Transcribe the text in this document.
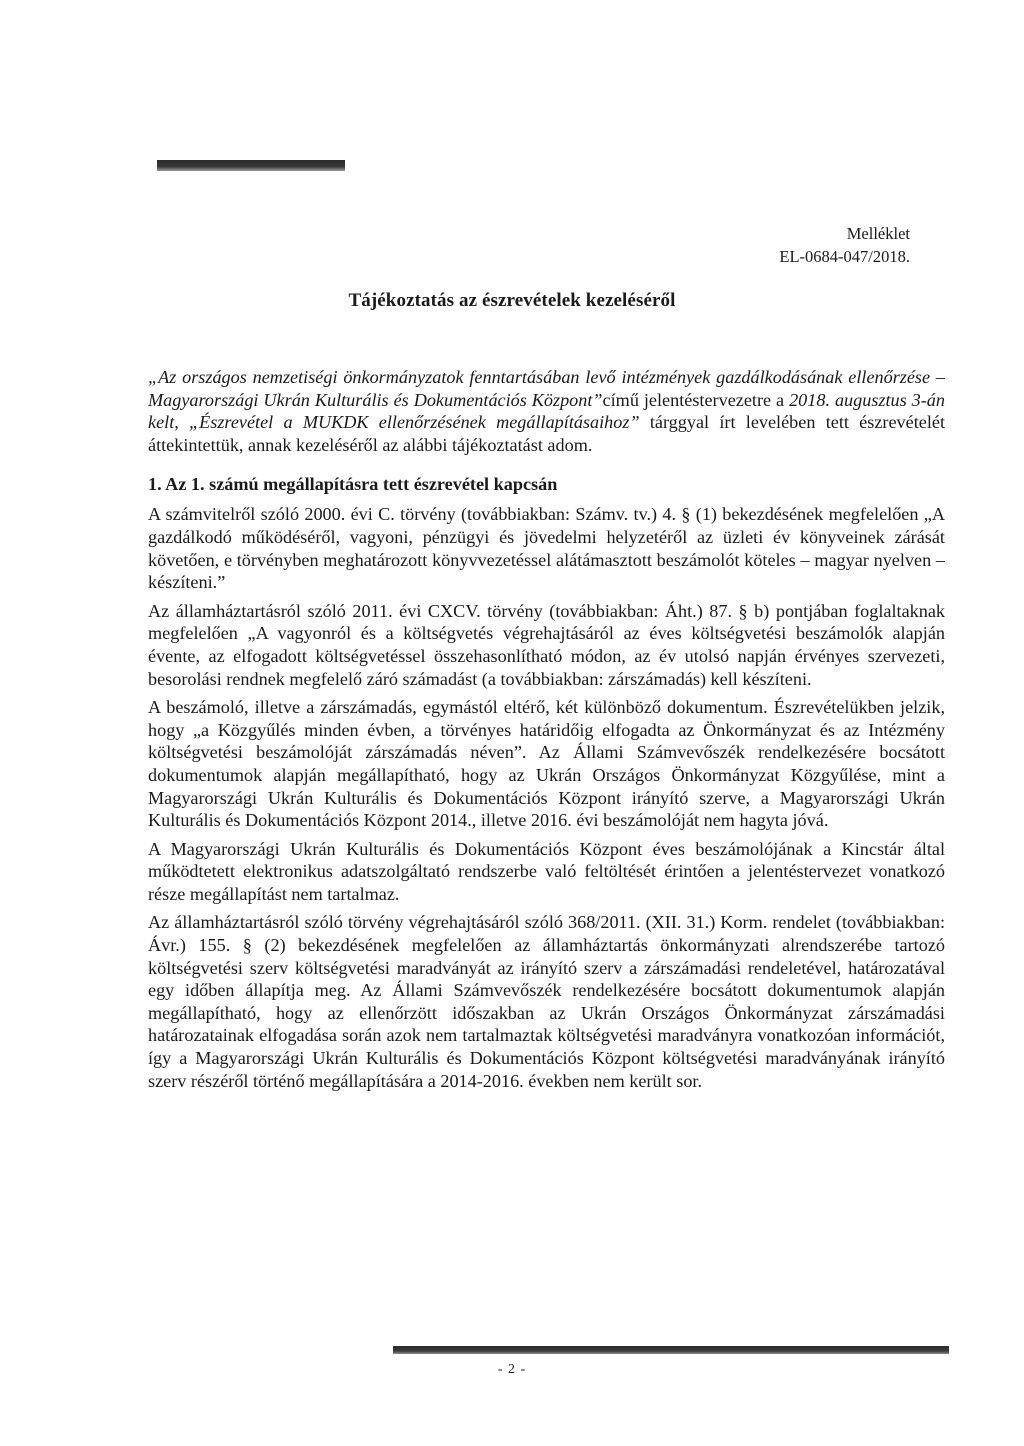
Melléklet
EL-0684-047/2018.
Tájékoztatás az észrevételek kezeléséről

„Az országos nemzetiségi önkormányzatok fenntartásában levő intézmények gazdálkodásának ellenőrzése – Magyarországi Ukrán Kulturális és Dokumentációs Központ”című jelentéstervezetre a 2018. augusztus 3-án kelt, „Észrevétel a MUKDK ellenőrzésének megállapításaihoz” tárggyal írt levelében tett észrevételét áttekintettük, annak kezeléséről az alábbi tájékoztatást adom.

1. Az 1. számú megállapításra tett észrevétel kapcsán

A számvitelről szóló 2000. évi C. törvény (továbbiakban: Számv. tv.) 4. § (1) bekezdésének megfelelően „A gazdálkodó működéséről, vagyoni, pénzügyi és jövedelmi helyzetéről az üzleti év könyveinek zárását követően, e törvényben meghatározott könyvvezetéssel alátámasztott beszámolót köteles – magyar nyelven – készíteni.”

Az államháztartásról szóló 2011. évi CXCV. törvény (továbbiakban: Áht.) 87. § b) pontjában foglaltaknak megfelelően „A vagyonról és a költségvetés végrehajtásáról az éves költségvetési beszámolók alapján évente, az elfogadott költségvetéssel összehasonlítható módon, az év utolsó napján érvényes szervezeti, besorolási rendnek megfelelő záró számadást (a továbbiakban: zárszámadás) kell készíteni.

A beszámoló, illetve a zárszámadás, egymástól eltérő, két különböző dokumentum. Észrevételükben jelzik, hogy „a Közgyűlés minden évben, a törvényes határidőig elfogadta az Önkormányzat és az Intézmény költségvetési beszámolóját zárszámadás néven”. Az Állami Számvevőszék rendelkezésére bocsátott dokumentumok alapján megállapítható, hogy az Ukrán Országos Önkormányzat Közgyűlése, mint a Magyarországi Ukrán Kulturális és Dokumentációs Központ irányító szerve, a Magyarországi Ukrán Kulturális és Dokumentációs Központ 2014., illetve 2016. évi beszámolóját nem hagyta jóvá.

A Magyarországi Ukrán Kulturális és Dokumentációs Központ éves beszámolójának a Kincstár által működtetett elektronikus adatszolgáltató rendszerbe való feltöltését érintően a jelentéstervezet vonatkozó része megállapítást nem tartalmaz.

Az államháztartásról szóló törvény végrehajtásáról szóló 368/2011. (XII. 31.) Korm. rendelet (továbbiakban: Ávr.) 155. § (2) bekezdésének megfelelően az államháztartás önkormányzati alrendszerébe tartozó költségvetési szerv költségvetési maradványát az irányító szerv a zárszámadási rendeletével, határozatával egy időben állapítja meg. Az Állami Számvevőszék rendelkezésére bocsátott dokumentumok alapján megállapítható, hogy az ellenőrzött időszakban az Ukrán Országos Önkormányzat zárszámadási határozatainak elfogadása során azok nem tartalmaztak költségvetési maradványra vonatkozóan információt, így a Magyarországi Ukrán Kulturális és Dokumentációs Központ költségvetési maradványának irányító szerv részéről történő megállapítására a 2014-2016. években nem került sor.

- 2 -
